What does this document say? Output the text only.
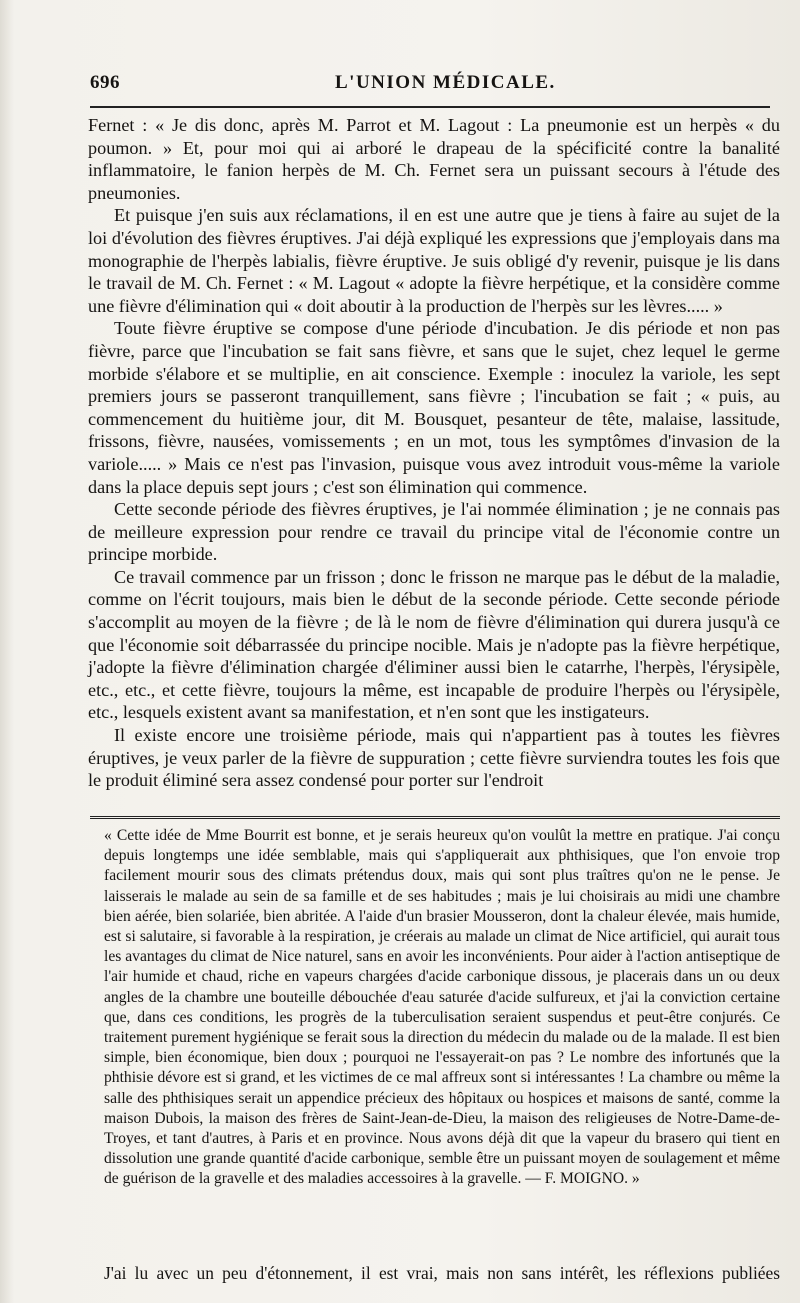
696	L'UNION MÉDICALE.

Fernet : « Je dis donc, après M. Parrot et M. Lagout : La pneumonie est un herpès « du poumon. » Et, pour moi qui ai arboré le drapeau de la spécificité contre la banalité inflammatoire, le fanion herpès de M. Ch. Fernet sera un puissant secours à l'étude des pneumonies.

Et puisque j'en suis aux réclamations, il en est une autre que je tiens à faire au sujet de la loi d'évolution des fièvres éruptives. J'ai déjà expliqué les expressions que j'employais dans ma monographie de l'herpès labialis, fièvre éruptive. Je suis obligé d'y revenir, puisque je lis dans le travail de M. Ch. Fernet : « M. Lagout « adopte la fièvre herpétique, et la considère comme une fièvre d'élimination qui « doit aboutir à la production de l'herpès sur les lèvres..... »

Toute fièvre éruptive se compose d'une période d'incubation. Je dis période et non pas fièvre, parce que l'incubation se fait sans fièvre, et sans que le sujet, chez lequel le germe morbide s'élabore et se multiplie, en ait conscience. Exemple : inoculez la variole, les sept premiers jours se passeront tranquillement, sans fièvre ; l'incubation se fait ; « puis, au commencement du huitième jour, dit M. Bousquet, pesanteur de tête, malaise, lassitude, frissons, fièvre, nausées, vomissements ; en un mot, tous les symptômes d'invasion de la variole..... » Mais ce n'est pas l'invasion, puisque vous avez introduit vous-même la variole dans la place depuis sept jours ; c'est son élimination qui commence.

Cette seconde période des fièvres éruptives, je l'ai nommée élimination ; je ne connais pas de meilleure expression pour rendre ce travail du principe vital de l'économie contre un principe morbide.

Ce travail commence par un frisson ; donc le frisson ne marque pas le début de la maladie, comme on l'écrit toujours, mais bien le début de la seconde période. Cette seconde période s'accomplit au moyen de la fièvre ; de là le nom de fièvre d'élimination qui durera jusqu'à ce que l'économie soit débarrassée du principe nocible. Mais je n'adopte pas la fièvre herpétique, j'adopte la fièvre d'élimination chargée d'éliminer aussi bien le catarrhe, l'herpès, l'érysipèle, etc., etc., et cette fièvre, toujours la même, est incapable de produire l'herpès ou l'érysipèle, etc., lesquels existent avant sa manifestation, et n'en sont que les instigateurs.

Il existe encore une troisième période, mais qui n'appartient pas à toutes les fièvres éruptives, je veux parler de la fièvre de suppuration ; cette fièvre surviendra toutes les fois que le produit éliminé sera assez condensé pour porter sur l'endroit

« Cette idée de Mme Bourrit est bonne, et je serais heureux qu'on voulût la mettre en pratique. J'ai conçu depuis longtemps une idée semblable, mais qui s'appliquerait aux phthisiques, que l'on envoie trop facilement mourir sous des climats prétendus doux, mais qui sont plus traîtres qu'on ne le pense. Je laisserais le malade au sein de sa famille et de ses habitudes ; mais je lui choisirais au midi une chambre bien aérée, bien solariée, bien abritée. A l'aide d'un brasier Mousseron, dont la chaleur élevée, mais humide, est si salutaire, si favorable à la respiration, je créerais au malade un climat de Nice artificiel, qui aurait tous les avantages du climat de Nice naturel, sans en avoir les inconvénients. Pour aider à l'action antiseptique de l'air humide et chaud, riche en vapeurs chargées d'acide carbonique dissous, je placerais dans un ou deux angles de la chambre une bouteille débouchée d'eau saturée d'acide sulfureux, et j'ai la conviction certaine que, dans ces conditions, les progrès de la tuberculisation seraient suspendus et peut-être conjurés. Ce traitement purement hygiénique se ferait sous la direction du médecin du malade ou de la malade. Il est bien simple, bien économique, bien doux ; pourquoi ne l'essayerait-on pas ? Le nombre des infortunés que la phthisie dévore est si grand, et les victimes de ce mal affreux sont si intéressantes ! La chambre ou même la salle des phthisiques serait un appendice précieux des hôpitaux ou hospices et maisons de santé, comme la maison Dubois, la maison des frères de Saint-Jean-de-Dieu, la maison des religieuses de Notre-Dame-de-Troyes, et tant d'autres, à Paris et en province. Nous avons déjà dit que la vapeur du brasero qui tient en dissolution une grande quantité d'acide carbonique, semble être un puissant moyen de soulagement et même de guérison de la gravelle et des maladies accessoires à la gravelle. — F. MOIGNO. »

J'ai lu avec un peu d'étonnement, il est vrai, mais non sans intérêt, les réflexions publiées
